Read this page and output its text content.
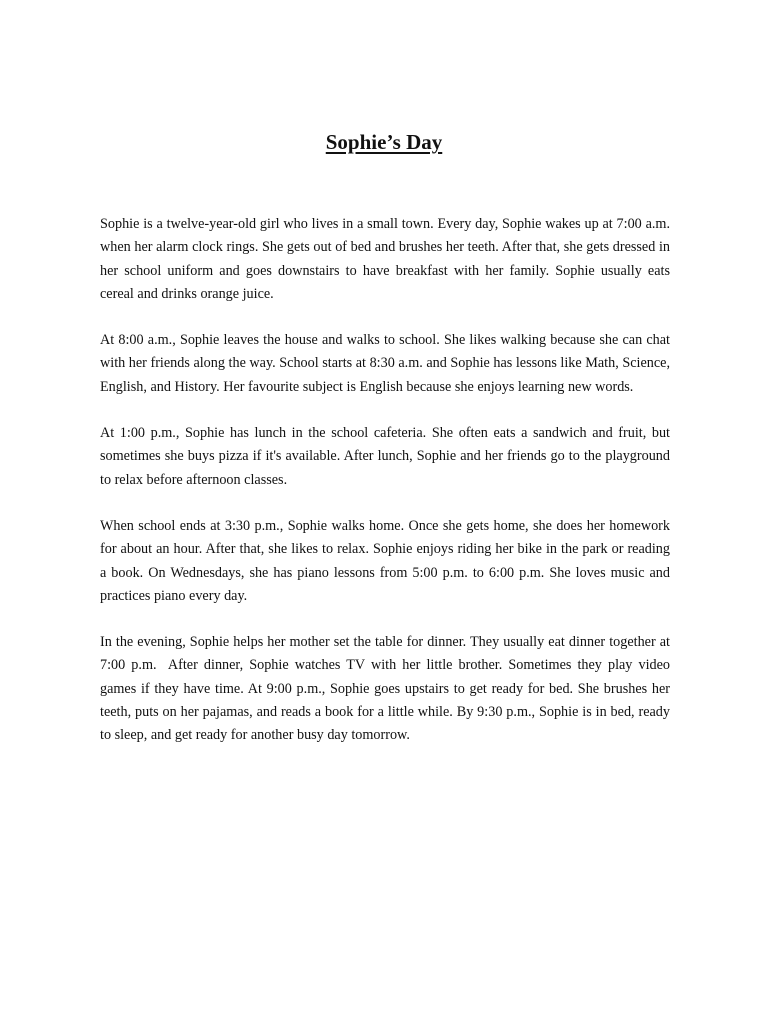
Sophie’s Day

Sophie is a twelve-year-old girl who lives in a small town. Every day, Sophie wakes up at 7:00 a.m. when her alarm clock rings. She gets out of bed and brushes her teeth. After that, she gets dressed in her school uniform and goes downstairs to have breakfast with her family. Sophie usually eats cereal and drinks orange juice.

At 8:00 a.m., Sophie leaves the house and walks to school. She likes walking because she can chat with her friends along the way. School starts at 8:30 a.m. and Sophie has lessons like Math, Science, English, and History. Her favourite subject is English because she enjoys learning new words.

At 1:00 p.m., Sophie has lunch in the school cafeteria. She often eats a sandwich and fruit, but sometimes she buys pizza if it's available. After lunch, Sophie and her friends go to the playground to relax before afternoon classes.

When school ends at 3:30 p.m., Sophie walks home. Once she gets home, she does her homework for about an hour. After that, she likes to relax. Sophie enjoys riding her bike in the park or reading a book. On Wednesdays, she has piano lessons from 5:00 p.m. to 6:00 p.m. She loves music and practices piano every day.

In the evening, Sophie helps her mother set the table for dinner. They usually eat dinner together at 7:00 p.m.  After dinner, Sophie watches TV with her little brother. Sometimes they play video games if they have time. At 9:00 p.m., Sophie goes upstairs to get ready for bed. She brushes her teeth, puts on her pajamas, and reads a book for a little while. By 9:30 p.m., Sophie is in bed, ready to sleep, and get ready for another busy day tomorrow.
